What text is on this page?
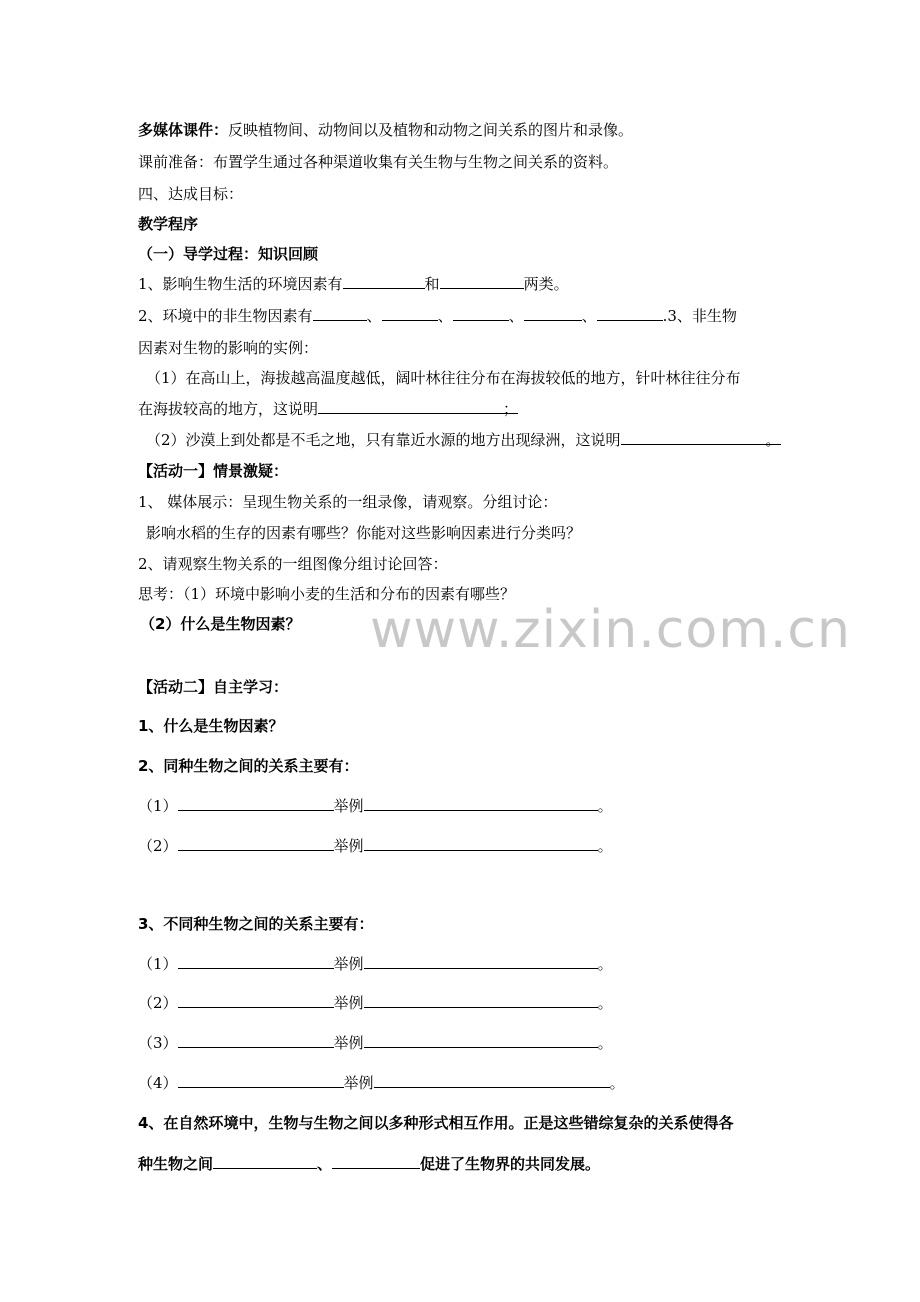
多媒体课件：反映植物间、动物间以及植物和动物之间关系的图片和录像。
课前准备：布置学生通过各种渠道收集有关生物与生物之间关系的资料。
四、达成目标：
教学程序
（一）导学过程：知识回顾
1、影响生物生活的环境因素有	和	两类。
2、环境中的非生物因素有	、	、	、	、	.3、非生物
因素对生物的影响的实例：
（1）在高山上，海拔越高温度越低，阔叶林往往分布在海拔较低的地方，针叶林往往分布
在海拔较高的地方，这说明	；
（2）沙漠上到处都是不毛之地，只有靠近水源的地方出现绿洲，这说明	。
【活动一】情景激疑：
1、 媒体展示：呈现生物关系的一组录像，请观察。分组讨论：
影响水稻的生存的因素有哪些？你能对这些影响因素进行分类吗？
2、请观察生物关系的一组图像分组讨论回答：
思考：（1）环境中影响小麦的生活和分布的因素有哪些？
（2）什么是生物因素？
【活动二】自主学习：
1、什么是生物因素？
2、同种生物之间的关系主要有：
（1）	举例	。
（2）	举例	。
3、不同种生物之间的关系主要有：
（1）	举例	。
（2）	举例	。
（3）	举例	。
（4）	举例	。
4、在自然环境中，生物与生物之间以多种形式相互作用。正是这些错综复杂的关系使得各
种生物之间	、	促进了生物界的共同发展。
www.zixin.com.cn
